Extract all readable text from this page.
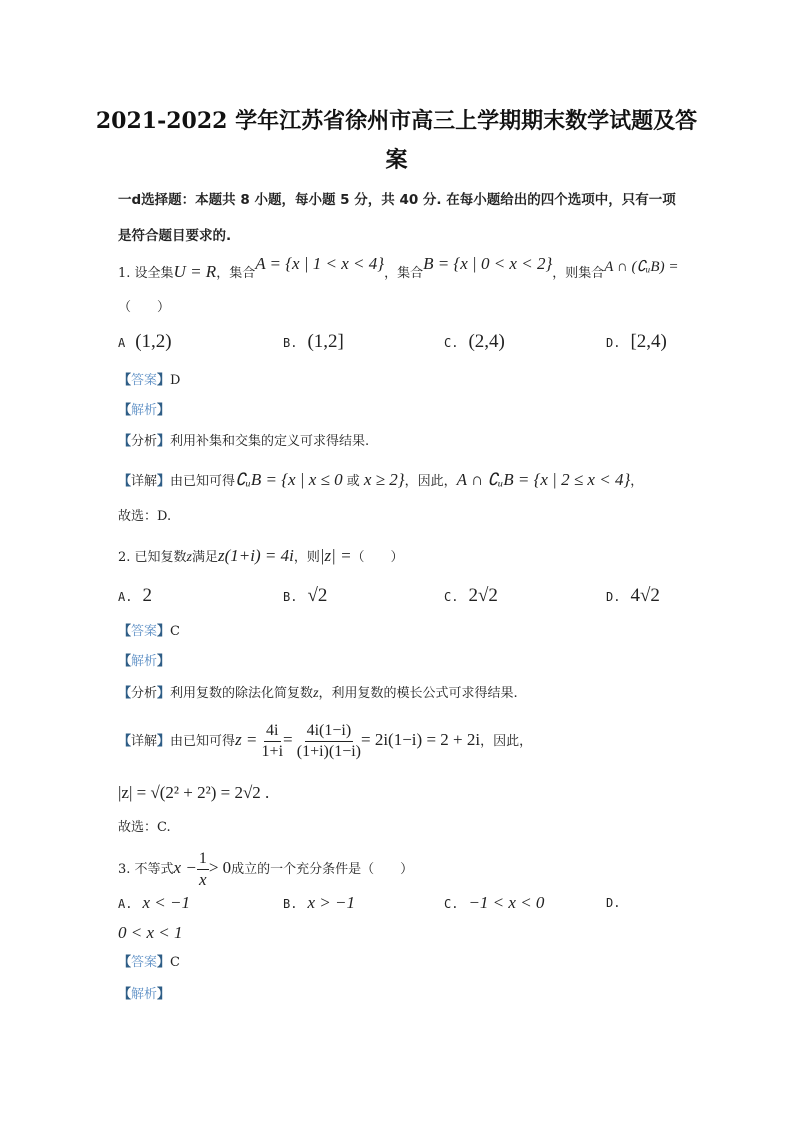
2021-2022 学年江苏省徐州市高三上学期期末数学试题及答
案
一d选择题：本题共 8 小题，每小题 5 分，共 40 分. 在每小题给出的四个选项中，只有一项
是符合题目要求的.
1. 设全集U = R，集合A = {x | 1 < x < 4}，集合B = {x | 0 < x < 2}，则集合A ∩ (∁ᵤB) =
（　　）
A (1,2)	B. (1,2]	C. (2,4)	D. [2,4)
【答案】D
【解析】
【分析】利用补集和交集的定义可求得结果.
【详解】由已知可得∁ᵤB = {x | x ≤ 0 或 x ≥ 2}，因此，A ∩ ∁ᵤB = {x | 2 ≤ x < 4}，
故选：D.
2. 已知复数z满足z(1+i) = 4i，则|z| =（　　）
A. 2	B. √2	C. 2√2	D. 4√2
【答案】C
【解析】
【分析】利用复数的除法化简复数z，利用复数的模长公式可求得结果.
【详解】由已知可得$z = \frac{4i}{1+i} = \frac{4i(1-i)}{(1+i)(1-i)} = 2i(1-i) = 2 + 2i$，因此，
|z| = √(2² + 2²) = 2√2 .
故选：C.
3. 不等式$x - \frac{1}{x} > 0$成立的一个充分条件是（　　）
A. x < −1	B. x > −1	C. −1 < x < 0	D.
0 < x < 1
【答案】C
【解析】
